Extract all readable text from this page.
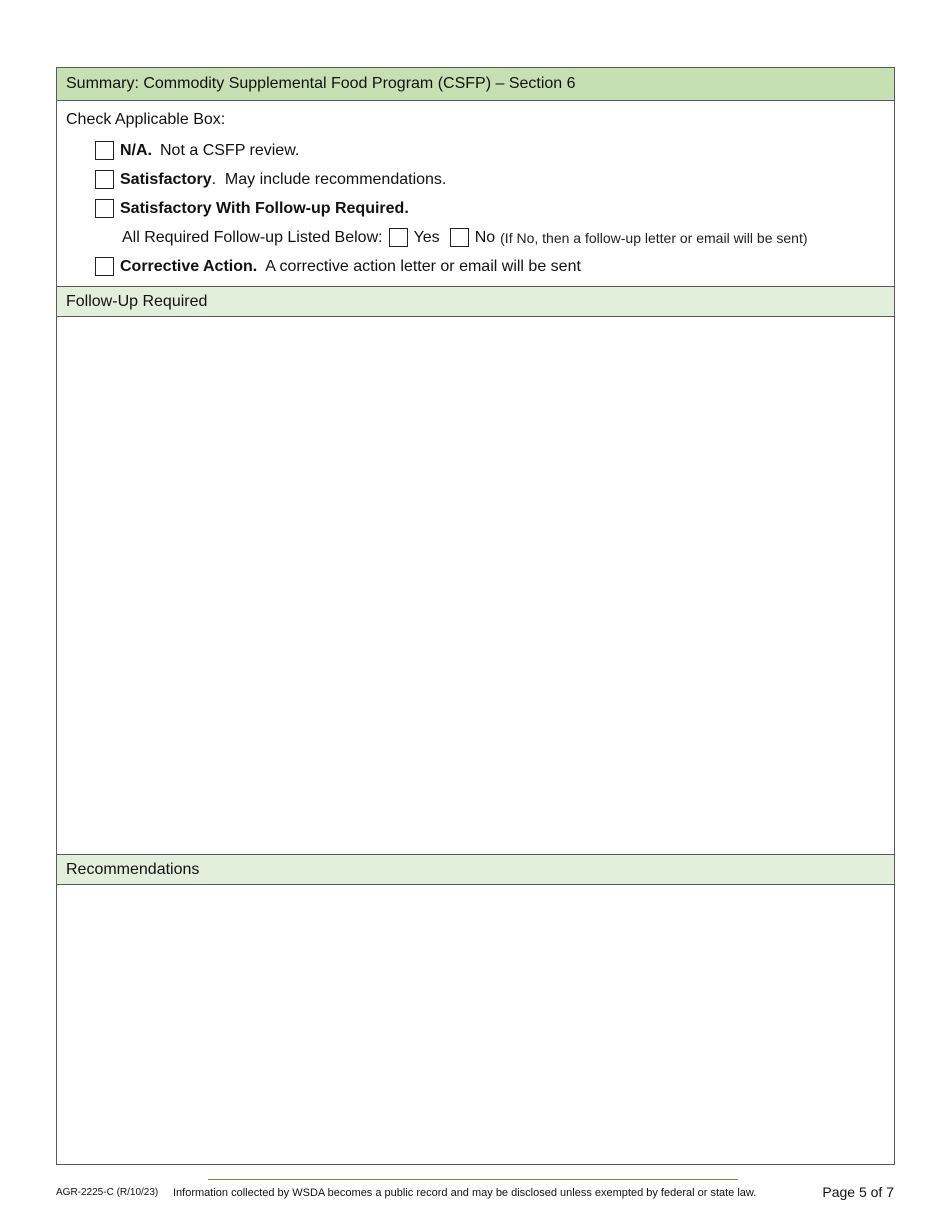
Summary: Commodity Supplemental Food Program (CSFP) – Section 6
Check Applicable Box:
N/A. Not a CSFP review.
Satisfactory .  May include recommendations.
Satisfactory With Follow-up Required.
All Required Follow-up Listed Below: Yes No (If No, then a follow-up letter or email will be sent)
Corrective Action. A corrective action letter or email will be sent
Follow-Up Required
Recommendations
AGR-2225-C (R/10/23) Information collected by WSDA becomes a public record and may be disclosed unless exempted by federal or state law.	Page 5 of 7
